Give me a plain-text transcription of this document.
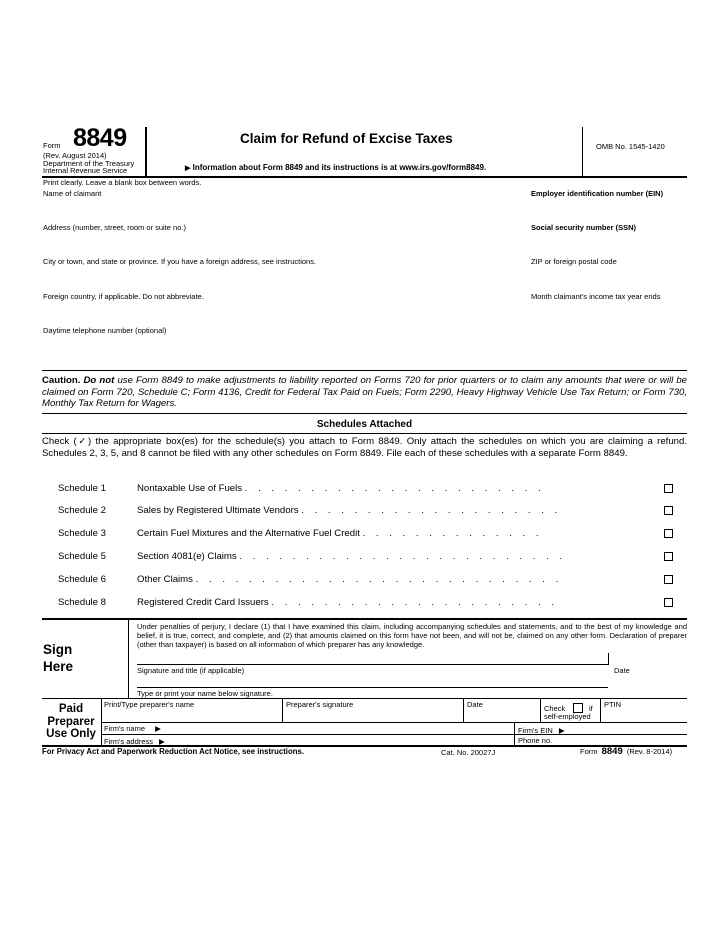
Form 8849
(Rev. August 2014)
Department of the Treasury
Internal Revenue Service
Claim for Refund of Excise Taxes
▶ Information about Form 8849 and its instructions is at www.irs.gov/form8849.
OMB No. 1545-1420
Print clearly. Leave a blank box between words.
Name of claimant	Employer identification number (EIN)
Address (number, street, room or suite no.)	Social security number (SSN)
City or town, and state or province. If you have a foreign address, see instructions.	ZIP or foreign postal code
Foreign country, if applicable. Do not abbreviate.	Month claimant's income tax year ends
Daytime telephone number (optional)
Caution. Do not use Form 8849 to make adjustments to liability reported on Forms 720 for prior quarters or to claim any amounts that were or will be claimed on Form 720, Schedule C; Form 4136, Credit for Federal Tax Paid on Fuels; Form 2290, Heavy Highway Vehicle Use Tax Return; or Form 730, Monthly Tax Return for Wagers.
Schedules Attached
Check (✓) the appropriate box(es) for the schedule(s) you attach to Form 8849. Only attach the schedules on which you are claiming a refund. Schedules 2, 3, 5, and 8 cannot be filed with any other schedules on Form 8849. File each of these schedules with a separate Form 8849.
Schedule 1	Nontaxable Use of Fuels . . . . . . . . . . . . . . . . . . . . . . .
Schedule 2	Sales by Registered Ultimate Vendors . . . . . . . . . . . . . . . . . . . .
Schedule 3	Certain Fuel Mixtures and the Alternative Fuel Credit . . . . . . . . . . . . . .
Schedule 5	Section 4081(e) Claims . . . . . . . . . . . . . . . . . . . . . . . . .
Schedule 6	Other Claims . . . . . . . . . . . . . . . . . . . . . . . . . . . .
Schedule 8	Registered Credit Card Issuers . . . . . . . . . . . . . . . . . . . . . .
Sign
Here
Under penalties of perjury, I declare (1) that I have examined this claim, including accompanying schedules and statements, and to the best of my knowledge and belief, it is true, correct, and complete, and (2) that amounts claimed on this form have not been, and will not be, claimed on any other form. Declaration of preparer (other than taxpayer) is based on all information of which preparer has any knowledge.
Signature and title (if applicable)	Date
Type or print your name below signature.
Paid
Preparer
Use Only
Print/Type preparer's name	Preparer's signature	Date	Check	if
self-employed
PTIN
Firm's name ▶	Firm's EIN ▶
Firm's address ▶	Phone no.
For Privacy Act and Paperwork Reduction Act Notice, see instructions.	Cat. No. 20027J	Form 8849 (Rev. 8-2014)
